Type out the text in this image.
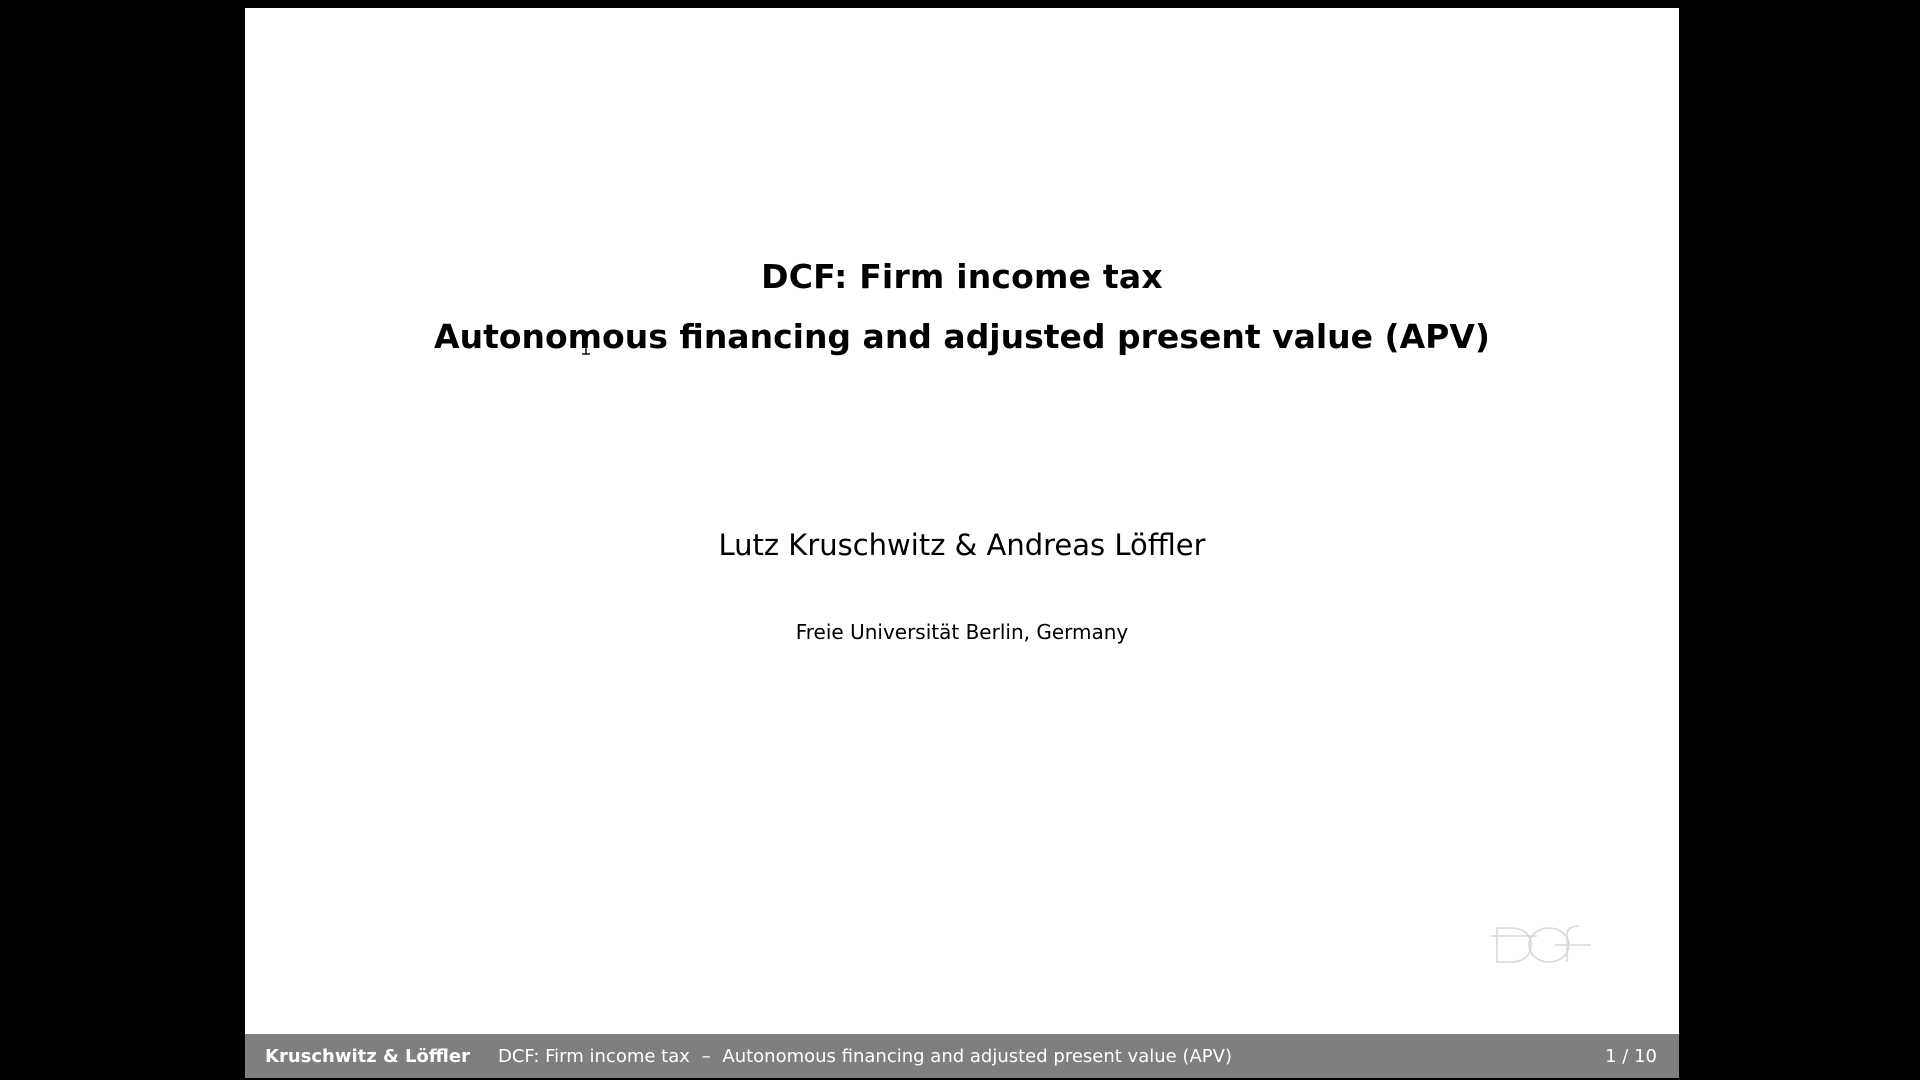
DCF: Firm income tax
Autonomous financing and adjusted present value (APV)
Lutz Kruschwitz & Andreas Löffler
Freie Universität Berlin, Germany
Kruschwitz & Löffler	DCF: Firm income tax – Autonomous financing and adjusted present value (APV)	1 / 10
